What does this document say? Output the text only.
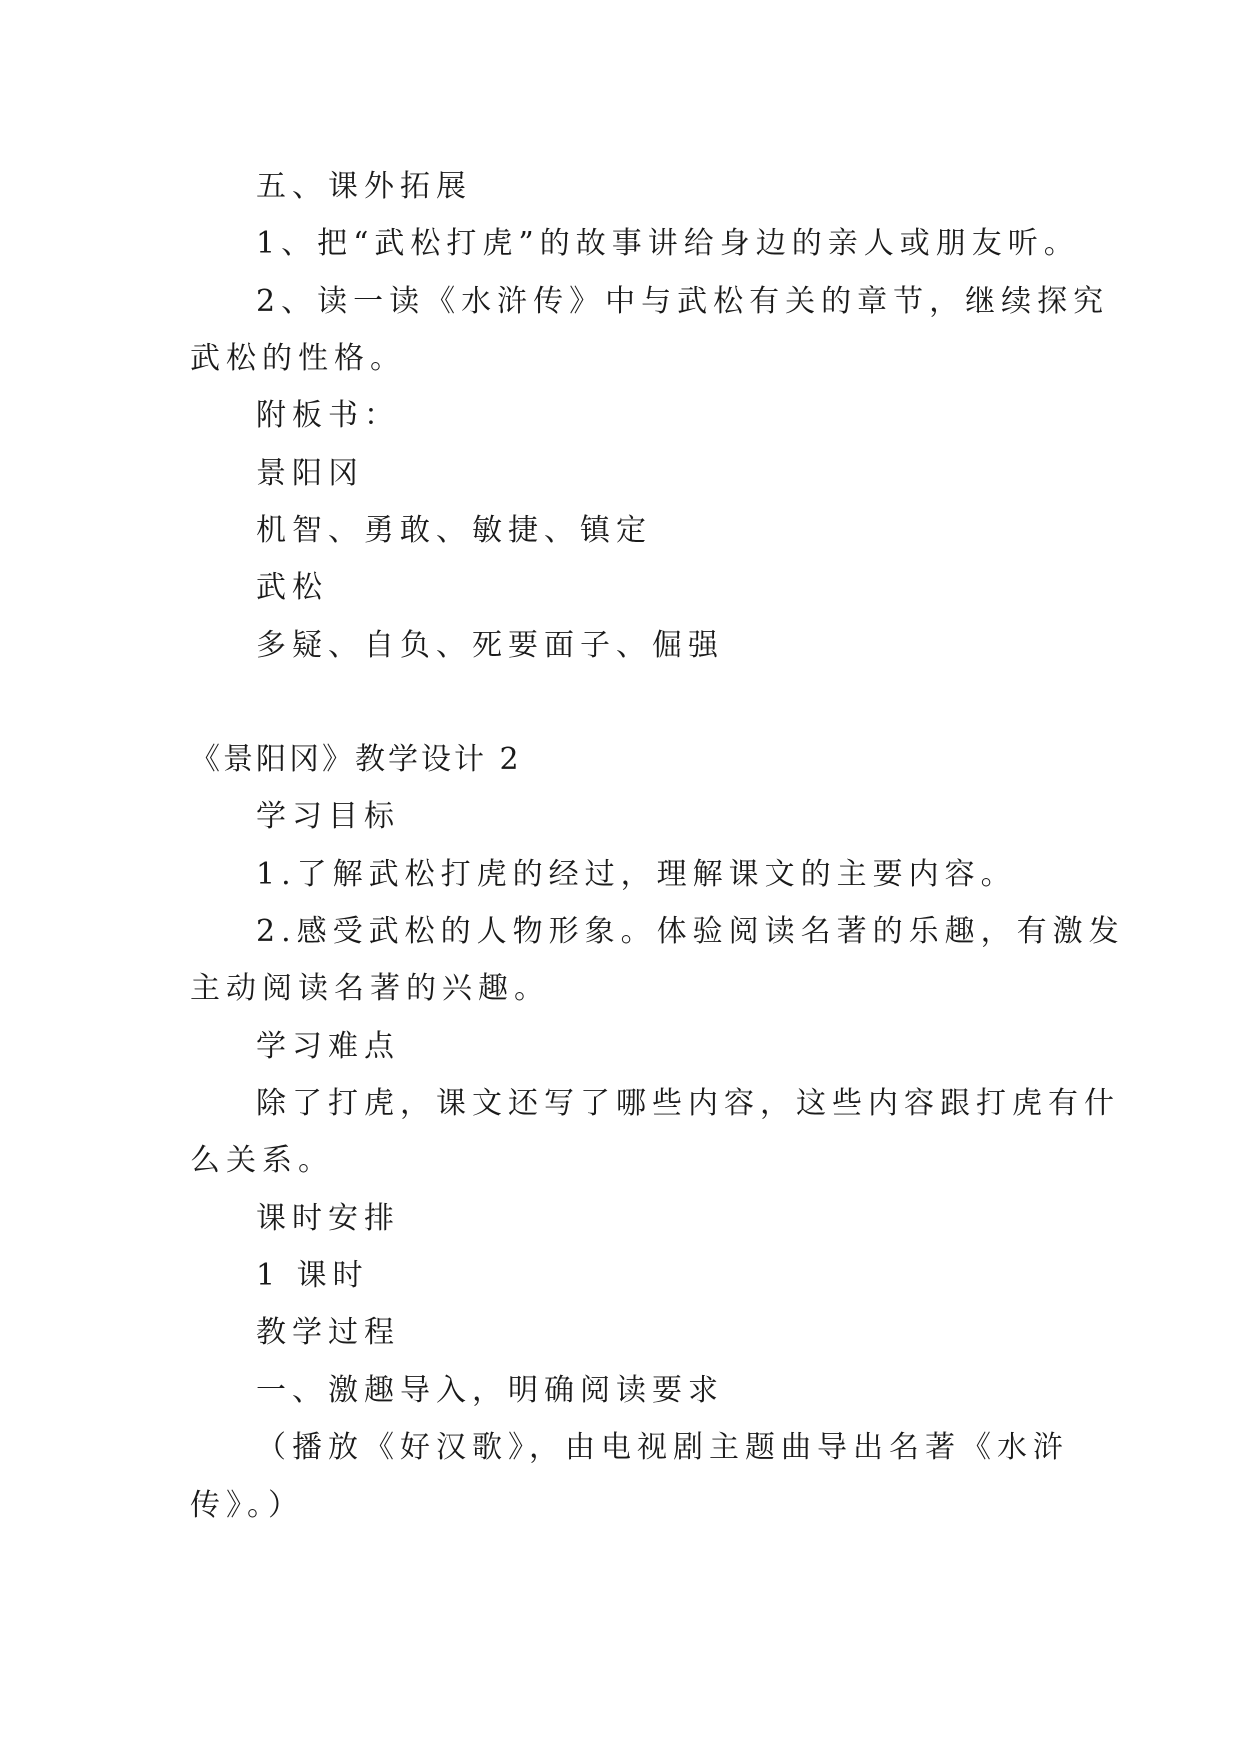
五、课外拓展
1、把“武松打虎”的故事讲给身边的亲人或朋友听。
2、读一读《水浒传》中与武松有关的章节，继续探究
武松的性格。
附板书：
景阳冈
机智、勇敢、敏捷、镇定
武松
多疑、自负、死要面子、倔强
《景阳冈》教学设计 2
学习目标
1.了解武松打虎的经过，理解课文的主要内容。
2.感受武松的人物形象。体验阅读名著的乐趣，有激发
主动阅读名著的兴趣。
学习难点
除了打虎，课文还写了哪些内容，这些内容跟打虎有什
么关系。
课时安排
1 课时
教学过程
一、激趣导入，明确阅读要求
（播放《好汉歌》，由电视剧主题曲导出名著《水浒
传》。）
